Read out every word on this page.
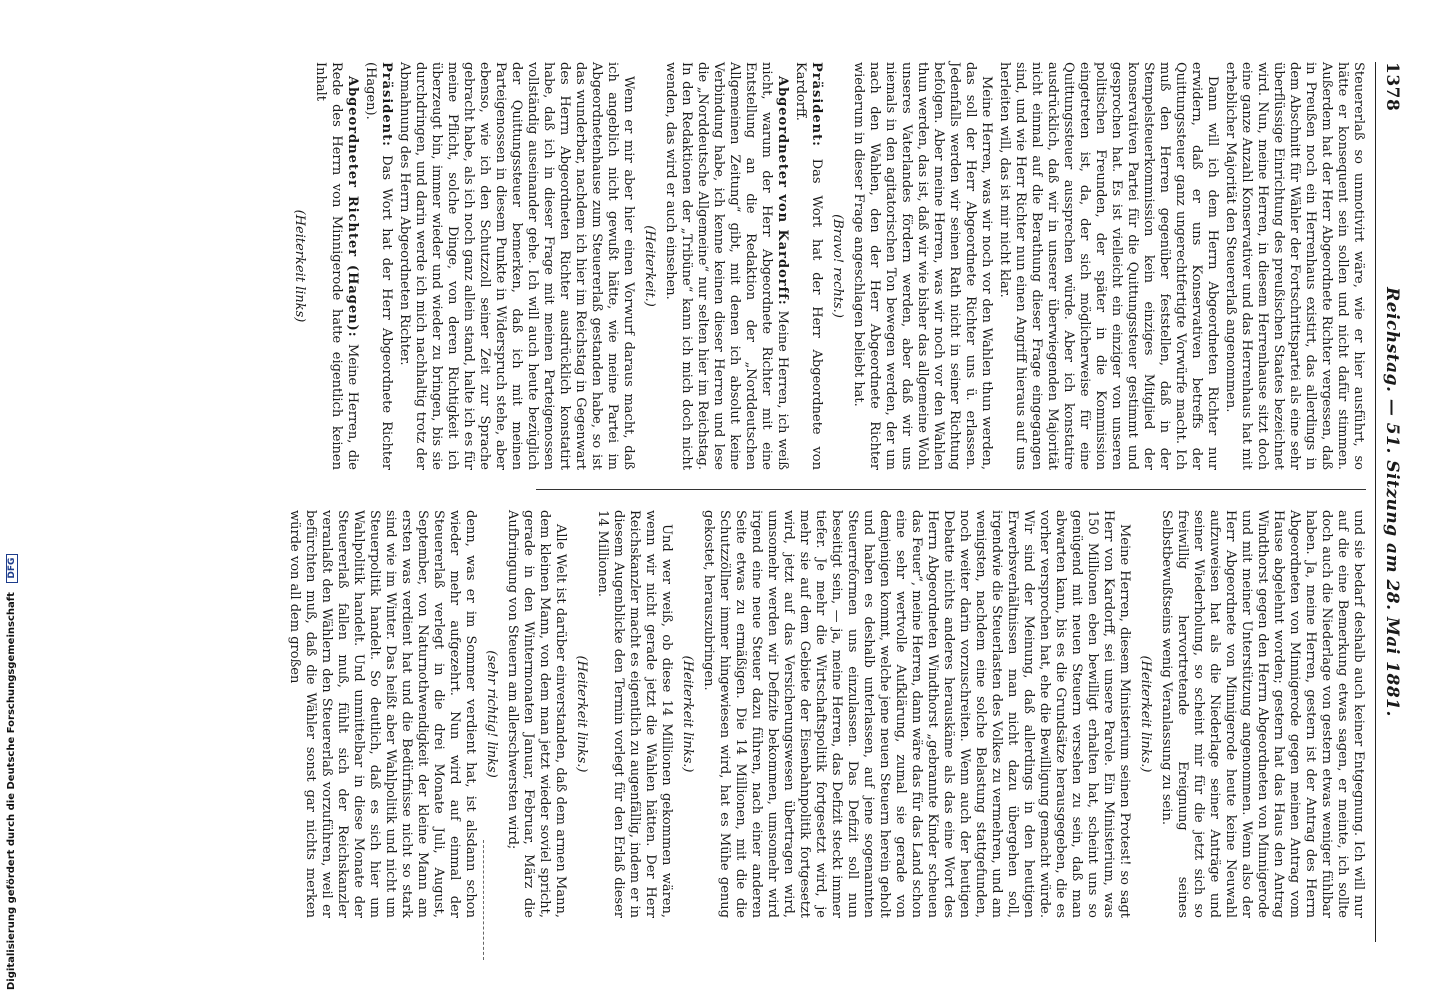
1378
Reichstag. — 51. Sitzung am 28. Mai 1881.

Steuererlaß so unmotivirt wäre, wie er hier ausführt, so hätte er konsequent sein sollen und nicht dafür stimmen. Außerdem hat der Herr Abgeordnete Richter vergessen, daß in Preußen noch ein Herrenhaus existirt, das allerdings in dem Abschnitt für Wähler der Fortschrittspartei als eine sehr überflüssige Einrichtung des preußischen Staates bezeichnet wird. Nun, meine Herren, in diesem Herrenhause sitzt doch eine ganze Anzahl Konservativer und das Herrenhaus hat mit erheblicher Majorität den Steuererlaß angenommen.

Dann will ich dem Herrn Abgeordneten Richter nur erwidern, daß er uns Konservativen betreffs der Quittungssteuer ganz ungerechtfertigte Vorwürfe macht. Ich muß den Herren gegenüber feststellen, daß in der Stempelsteuerkommission kein einziges Mitglied der konservativen Partei für die Quittungssteuer gestimmt und gesprochen hat. Es ist vielleicht ein einziger von unseren politischen Freunden, der später in die Kommission eingetreten ist, da, der sich möglicherweise für eine Quittungssteuer aussprechen würde. Aber ich konstatire ausdrücklich, daß wir in unserer überwiegenden Majorität nicht einmal auf die Berathung dieser Frage eingegangen sind, und wie Herr Richter nun einen Angriff hieraus auf uns herleiten will, das ist mir nicht klar.

Meine Herren, was wir noch vor den Wahlen thun werden, das soll der Herr Abgeordnete Richter uns ü. erlassen. Jedenfalls werden wir seinen Rath nicht in seiner Richtung befolgen. Aber meine Herren, was wir noch vor den Wahlen thun werden, das ist, daß wir wie bisher das allgemeine Wohl unseres Vaterlandes fördern werden, aber daß wir uns niemals in den agitatorischen Ton bewegen werden, der um nach den Wahlen, den der Herr Abgeordnete Richter wiederum in dieser Frage angeschlagen beliebt hat.

(Bravo! rechts.)

Präsident: Das Wort hat der Herr Abgeordnete von Kardorff.

Abgeordneter von Kardorff: Meine Herren, ich weiß nicht, warum der Herr Abgeordnete Richter mit eine Entstellung an die Redaktion der „Norddeutschen Allgemeinen Zeitung“ gibt, mit denen ich absolut keine Verbindung habe, ich kenne keinen dieser Herren und lese die „Norddeutsche Allgemeine“ nur selten hier im Reichstag. In den Redaktionen der „Tribüne“ kann ich mich doch nicht wenden, das wird er auch einsehen.

(Heiterkeit.)

Wenn er mir aber hier einen Vorwurf daraus macht, daß ich angeblich nicht gewußt hätte, wie meine Partei im Abgeordnetenhause zum Steuererlaß gestanden habe, so ist das wunderbar, nachdem ich hier im Reichstag in Gegenwart des Herrn Abgeordneten Richter ausdrücklich konstatirt habe, daß ich in dieser Frage mit meinen Parteigenossen vollständig auseinander gehe. Ich will auch heute bezüglich der Quittungssteuer bemerken, daß ich mit meinen Parteigenossen in diesem Punkte in Widerspruch stehe, aber ebenso, wie ich den Schutzzoll seiner Zeit zur Sprache gebracht habe, als ich noch ganz allein stand, halte ich es für meine Pflicht, solche Dinge, von deren Richtigkeit ich überzeugt bin, immer wieder und wieder zu bringen, bis sie durchdringen, und darin werde ich mich nachhaltig trotz der Abmahnung des Herrn Abgeordneten Richter.

Präsident: Das Wort hat der Herr Abgeordnete Richter (Hagen).

Abgeordneter Richter (Hagen): Meine Herren, die Rede des Herrn von Minnigerode hatte eigentlich keinen Inhalt

(Heiterkeit links)

und sie bedarf deshalb auch keiner Entgegnung. Ich will nur auf die eine Bemerkung etwas sagen, er meinte, ich sollte doch auch die Niederlage von gestern etwas weniger fühlbar haben. Ja, meine Herren, gestern ist der Antrag des Herrn Abgeordneten von Minnigerode gegen meinen Antrag vom Hause abgelehnt worden; gestern hat das Haus den Antrag Windthorst gegen den Herrn Abgeordneten von Minnigerode und mit meiner Unterstützung angenommen. Wenn also der Herr Abgeordnete von Minnigerode heute keine Neuwahl aufzuweisen hat als die Niederlage seiner Anträge und seiner Wiederholung, so scheint mir für die jetzt sich so freiwillig hervortretende Ereignung seines Selbstbewußtseins wenig Veranlassung zu sein.

(Heiterkeit links.)

Meine Herren, diesem Ministerium seinen Protest! so sagt Herr von Kardorff, sei unsere Parole. Ein Ministerium, was 150 Millionen eben bewilligt erhalten hat, scheint uns so genügend mit neuen Steuern versehen zu sein, daß man abwarten kann, bis es die Grundsätze herausgegeben, die es vorher versprochen hat, ehe die Bewilligung gemacht würde. Wir sind der Meinung, daß allerdings in den heutigen Erwerbsverhältnissen man nicht dazu übergehen soll, irgendwie die Steuerlasten des Volkes zu vermehren, und am wenigsten, nachdem eine solche Belastung stattgefunden, noch weiter darin vorzuschreiten. Wenn auch der heutigen Debatte nichts anderes herauskäme als das eine Wort des Herrn Abgeordneten Windthorst „gebrannte Kinder scheuen das Feuer“, meine Herren, dann wäre das für das Land schon eine sehr wertvolle Aufklärung, zumal sie gerade von demjenigen kommt, welche jene neuen Steuern herein geholt und haben es deshalb unterlassen, auf jene sogenannten Steuerreformen uns einzulassen. Das Defizit soll nun beseitigt sein, — ja, meine Herren, das Defizit steckt immer tiefer. Je mehr die Wirtschaftspolitik fortgesetzt wird, je mehr sie auf dem Gebiete der Eisenbahnpolitik fortgesetzt wird, jetzt auf das Versicherungswesen übertragen wird, umsomehr werden wir Defizite bekommen, umsomehr wird irgend eine neue Steuer dazu führen, nach einer anderen Seite etwas zu ermäßigen. Die 14 Millionen, mit die die Schutzzöllner immer hingewiesen wird, hat es Mühe genug gekostet, herauszubringen.

(Heiterkeit links.)

Und wer weiß, ob diese 14 Millionen gekommen wären, wenn wir nicht gerade jetzt die Wahlen hätten. Der Herr Reichskanzler macht es eigentlich zu augenfällig, indem er in diesem Augenblicke den Termin vorlegt für den Erlaß dieser 14 Millionen.

(Heiterkeit links.)

Alle Welt ist darüber einverstanden, daß dem armen Mann, dem kleinen Mann, von dem man jetzt wieder soviel spricht, gerade in den Wintermonaten Januar, Februar, März die Aufbringung von Steuern am allerschwersten wird;

(sehr richtig! links)

denn, was er im Sommer verdient hat, ist alsdann schon wieder mehr aufgezehrt. Nun wird auf einmal der Steuererlaß verlegt in die drei Monate Juli, August, September, von Naturnothwendigkeit der kleine Mann am ersten was verdient hat und die Bedürfnisse nicht so stark sind wie im Winter. Das heißt aber Wahlpolitik und nicht um Steuerpolitik handelt. So deutlich, daß es sich hier um Wahlpolitik handelt. Und unmittelbar in diese Monate der Steuererlaß fallen muß, fühlt sich der Reichskanzler veranlaßt den Wählern den Steuererlaß vorzuführen, weil er befürchten muß, daß die Wähler sonst gar nichts merken würde von all dem großen

Digitalisierung gefördert durch die Deutsche Forschungsgemeinschaft DFG
